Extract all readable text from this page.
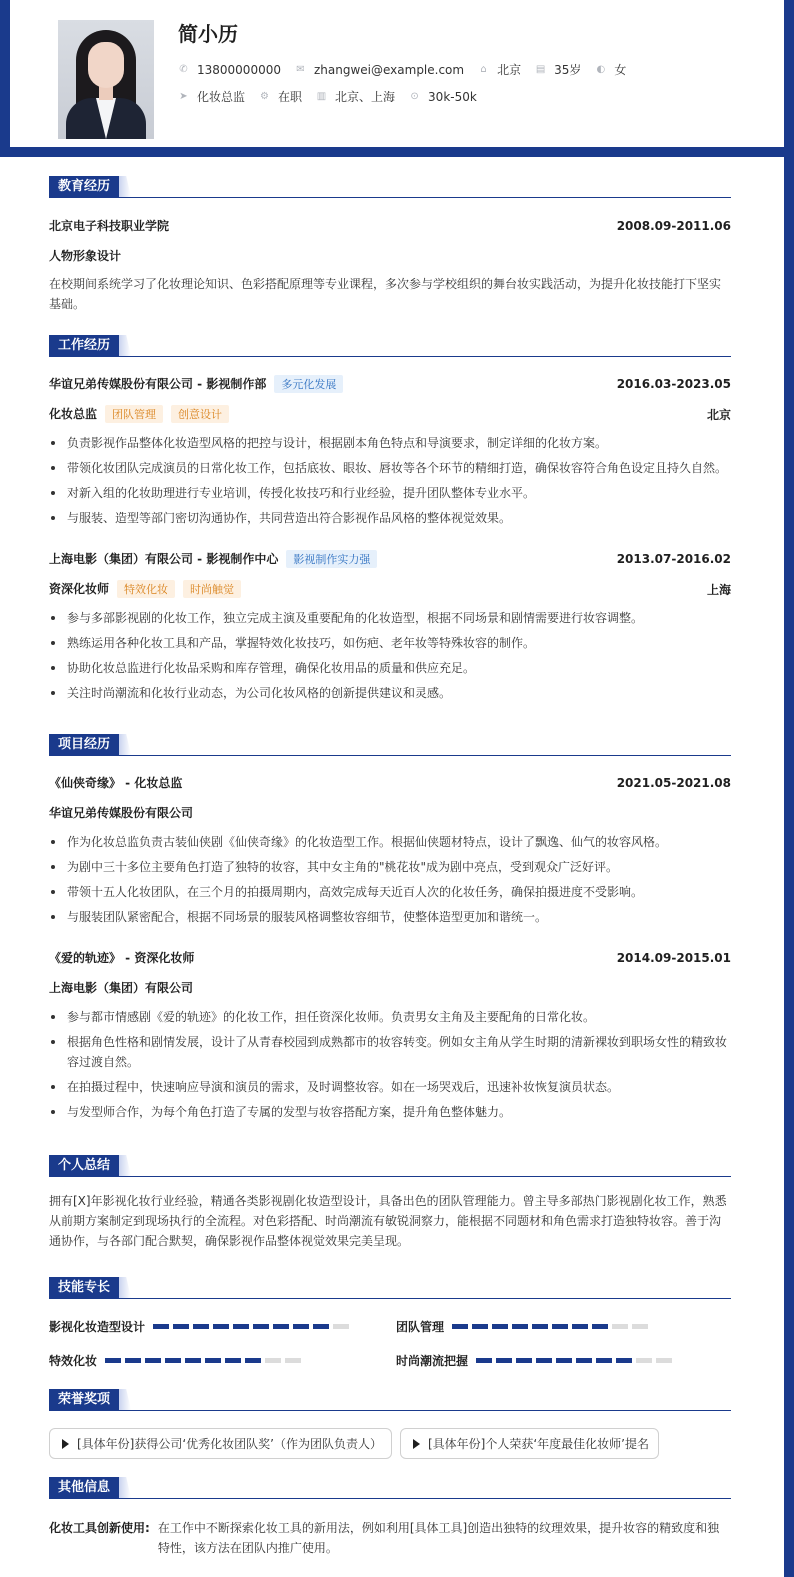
简小历
✆ 13800000000 ✉ zhangwei@example.com ⌂ 北京 ▤ 35岁 ◐ 女
➤ 化妆总监 ⚙ 在职 ▥ 北京、上海 ⊙ 30k-50k
教育经历
北京电子科技职业学院	2008.09-2011.06
人物形象设计
在校期间系统学习了化妆理论知识、色彩搭配原理等专业课程，多次参与学校组织的舞台妆实践活动，为提升化妆技能打下坚实基础。
工作经历
华谊兄弟传媒股份有限公司 - 影视制作部 多元化发展	2016.03-2023.05
化妆总监 团队管理 创意设计	北京
负责影视作品整体化妆造型风格的把控与设计，根据剧本角色特点和导演要求，制定详细的化妆方案。
带领化妆团队完成演员的日常化妆工作，包括底妆、眼妆、唇妆等各个环节的精细打造，确保妆容符合角色设定且持久自然。
对新入组的化妆助理进行专业培训，传授化妆技巧和行业经验，提升团队整体专业水平。
与服装、造型等部门密切沟通协作，共同营造出符合影视作品风格的整体视觉效果。
上海电影（集团）有限公司 - 影视制作中心 影视制作实力强	2013.07-2016.02
资深化妆师 特效化妆 时尚触觉	上海
参与多部影视剧的化妆工作，独立完成主演及重要配角的化妆造型，根据不同场景和剧情需要进行妆容调整。
熟练运用各种化妆工具和产品，掌握特效化妆技巧，如伤疤、老年妆等特殊妆容的制作。
协助化妆总监进行化妆品采购和库存管理，确保化妆用品的质量和供应充足。
关注时尚潮流和化妆行业动态，为公司化妆风格的创新提供建议和灵感。
项目经历
《仙侠奇缘》 - 化妆总监	2021.05-2021.08
华谊兄弟传媒股份有限公司
作为化妆总监负责古装仙侠剧《仙侠奇缘》的化妆造型工作。根据仙侠题材特点，设计了飘逸、仙气的妆容风格。
为剧中三十多位主要角色打造了独特的妆容，其中女主角的"桃花妆"成为剧中亮点，受到观众广泛好评。
带领十五人化妆团队，在三个月的拍摄周期内，高效完成每天近百人次的化妆任务，确保拍摄进度不受影响。
与服装团队紧密配合，根据不同场景的服装风格调整妆容细节，使整体造型更加和谐统一。
《爱的轨迹》 - 资深化妆师	2014.09-2015.01
上海电影（集团）有限公司
参与都市情感剧《爱的轨迹》的化妆工作，担任资深化妆师。负责男女主角及主要配角的日常化妆。
根据角色性格和剧情发展，设计了从青春校园到成熟都市的妆容转变。例如女主角从学生时期的清新裸妆到职场女性的精致妆容过渡自然。
在拍摄过程中，快速响应导演和演员的需求，及时调整妆容。如在一场哭戏后，迅速补妆恢复演员状态。
与发型师合作，为每个角色打造了专属的发型与妆容搭配方案，提升角色整体魅力。
个人总结
拥有[X]年影视化妆行业经验，精通各类影视剧化妆造型设计，具备出色的团队管理能力。曾主导多部热门影视剧化妆工作，熟悉从前期方案制定到现场执行的全流程。对色彩搭配、时尚潮流有敏锐洞察力，能根据不同题材和角色需求打造独特妆容。善于沟通协作，与各部门配合默契，确保影视作品整体视觉效果完美呈现。
技能专长
影视化妆造型设计	团队管理
特效化妆	时尚潮流把握
荣誉奖项
[具体年份]获得公司‘优秀化妆团队奖’（作为团队负责人）	[具体年份]个人荣获‘年度最佳化妆师’提名
其他信息
化妆工具创新使用: 在工作中不断探索化妆工具的新用法，例如利用[具体工具]创造出独特的纹理效果，提升妆容的精致度和独特性，该方法在团队内推广使用。
